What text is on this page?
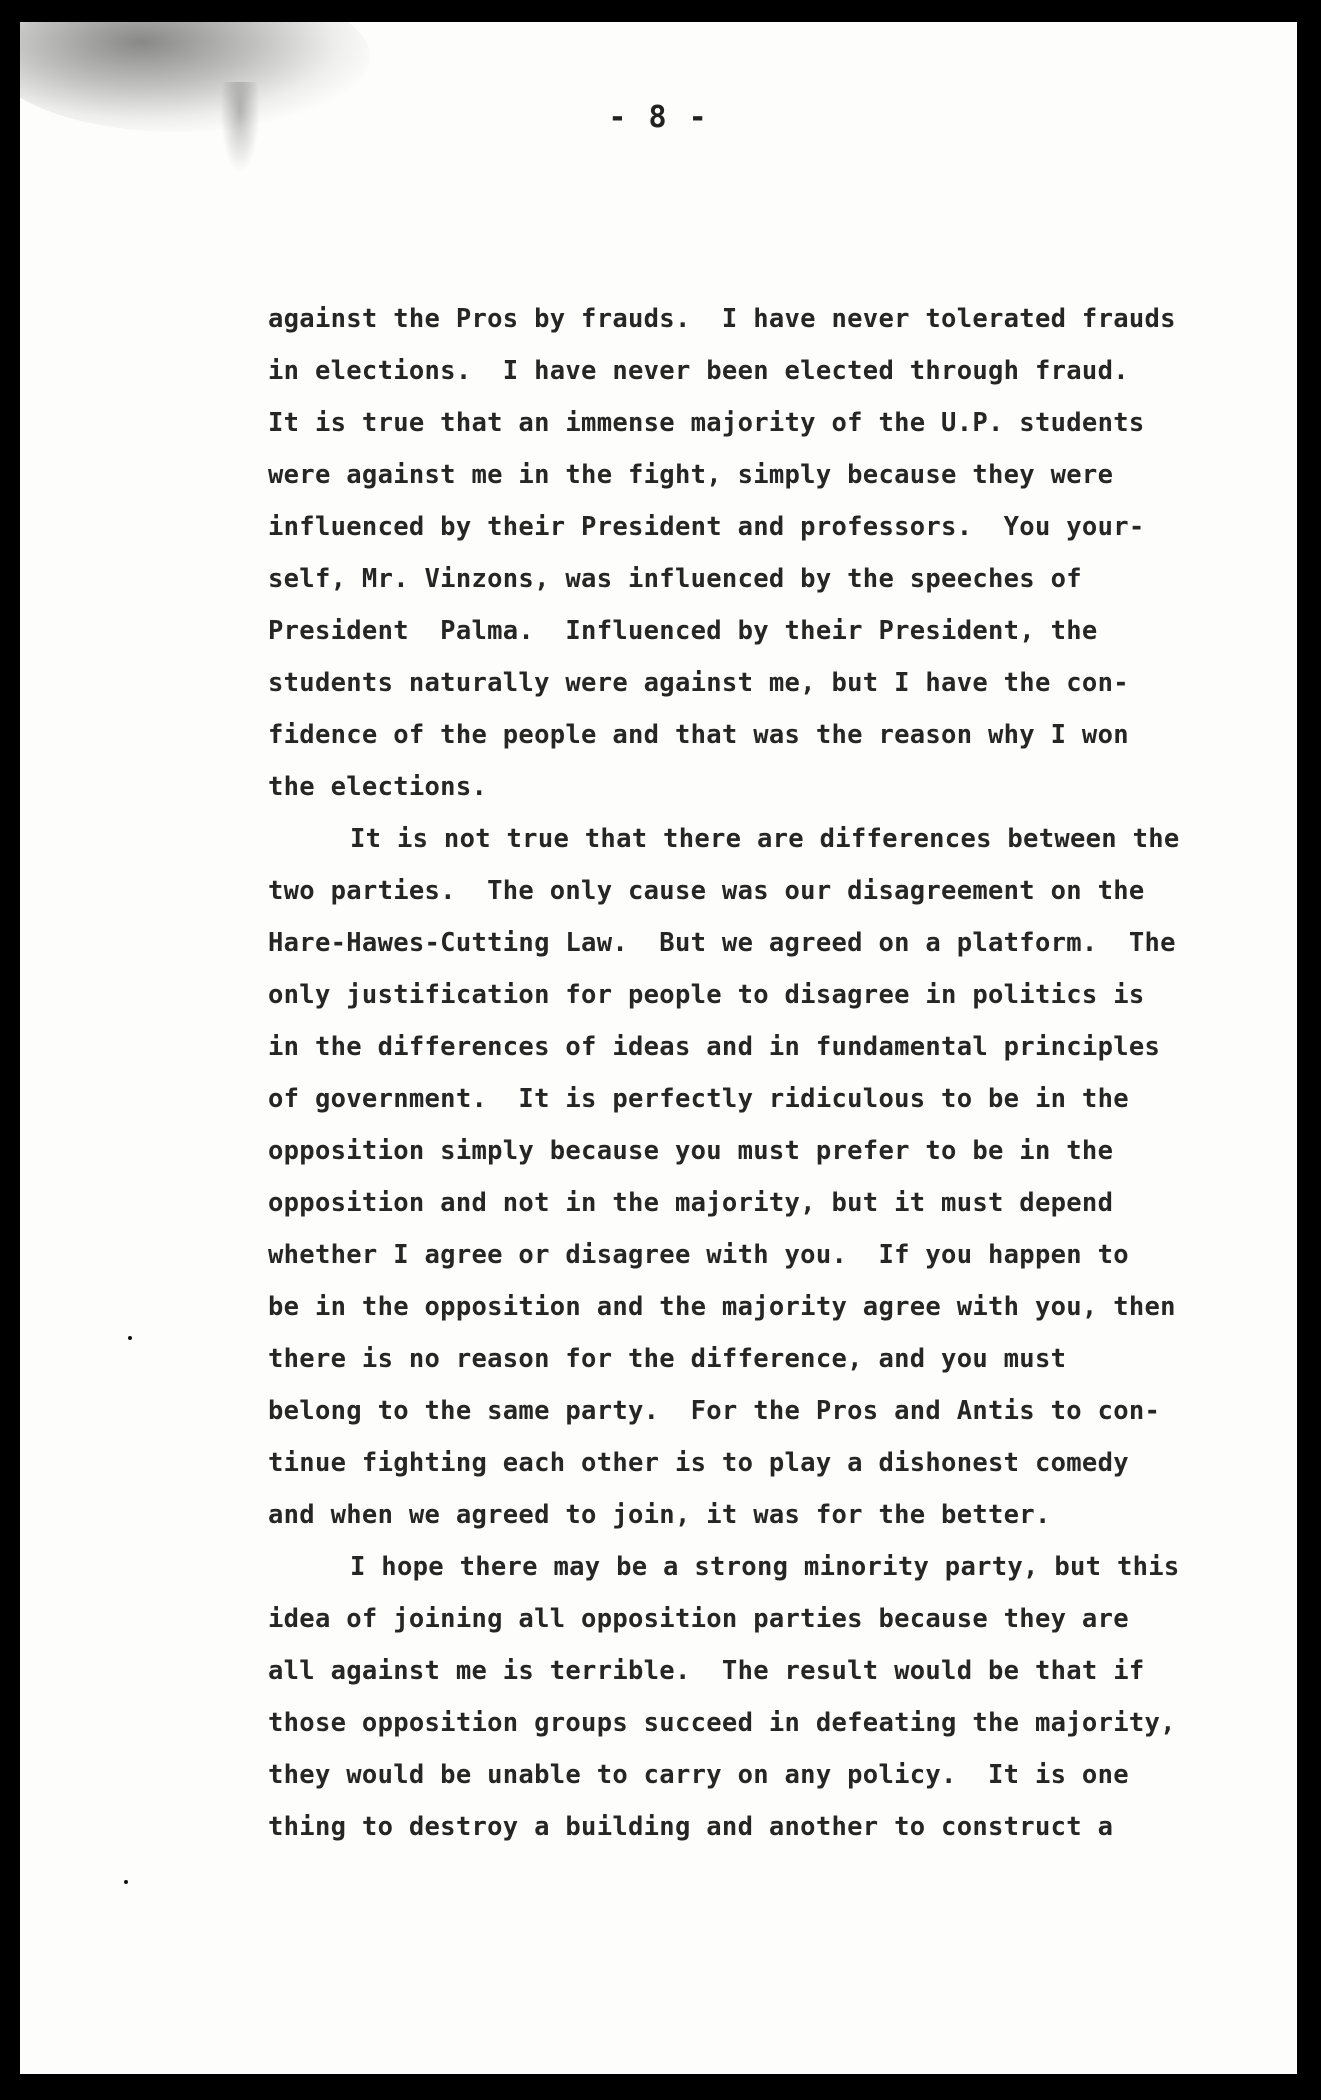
- 8 -
against the Pros by frauds.  I have never tolerated frauds
in elections.  I have never been elected through fraud.
It is true that an immense majority of the U.P. students
were against me in the fight, simply because they were
influenced by their President and professors.  You your-
self, Mr. Vinzons, was influenced by the speeches of
President  Palma.  Influenced by their President, the
students naturally were against me, but I have the con-
fidence of the people and that was the reason why I won
the elections.
It is not true that there are differences between the
two parties.  The only cause was our disagreement on the
Hare-Hawes-Cutting Law.  But we agreed on a platform.  The
only justification for people to disagree in politics is
in the differences of ideas and in fundamental principles
of government.  It is perfectly ridiculous to be in the
opposition simply because you must prefer to be in the
opposition and not in the majority, but it must depend
whether I agree or disagree with you.  If you happen to
be in the opposition and the majority agree with you, then
there is no reason for the difference, and you must
belong to the same party.  For the Pros and Antis to con-
tinue fighting each other is to play a dishonest comedy
and when we agreed to join, it was for the better.
I hope there may be a strong minority party, but this
idea of joining all opposition parties because they are
all against me is terrible.  The result would be that if
those opposition groups succeed in defeating the majority,
they would be unable to carry on any policy.  It is one
thing to destroy a building and another to construct a
